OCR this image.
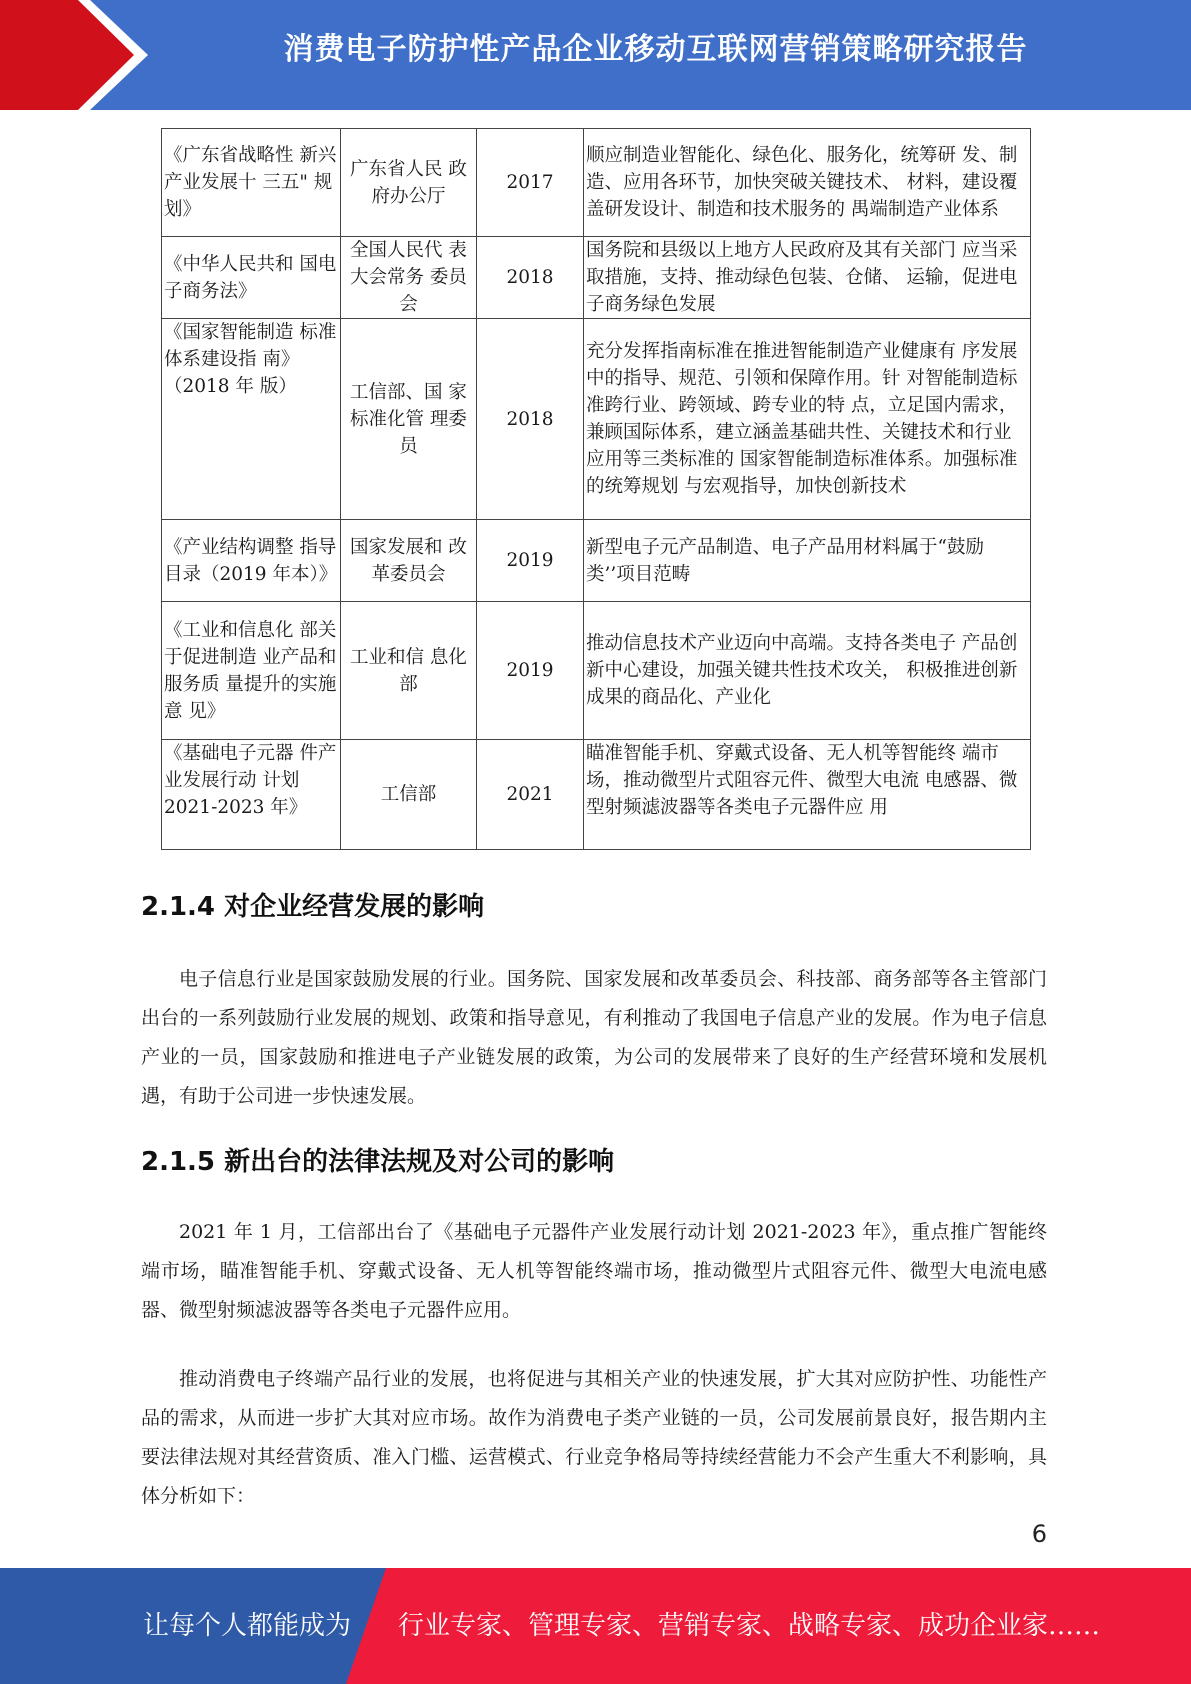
消费电子防护性产品企业移动互联网营销策略研究报告
《广东省战略性 新兴产业发展十 三五" 规划》	广东省人民 政府办公厅	2017	顺应制造业智能化、绿色化、服务化，统筹研 发、制造、应用各环节，加快突破关键技术、 材料，建设覆盖研发设计、制造和技术服务的 禺端制造产业体系
《中华人民共和 国电子商务法》	全国人民代 表大会常务 委员会	2018	国务院和县级以上地方人民政府及其有关部门 应当采取措施，支持、推动绿色包装、仓储、 运输，促进电子商务绿色发展
《国家智能制造 标准体系建设指 南》（2018 年 版）	工信部、国 家标准化管 理委员	2018	充分发挥指南标准在推进智能制造产业健康有 序发展中的指导、规范、引领和保障作用。针 对智能制造标准跨行业、跨领域、跨专业的特 点，立足国内需求，兼顾国际体系，建立涵盖基础共性、关键技术和行业应用等三类标准的 国家智能制造标准体系。加强标准的统筹规划 与宏观指导，加快创新技术
《产业结构调整 指导目录（2019 年本）》	国家发展和 改革委员会	2019	新型电子元产品制造、电子产品用材料属于“鼓励类’’项目范畴
《工业和信息化 部关于促进制造 业产品和服务质 量提升的实施意 见》	工业和信 息化部	2019	推动信息技术产业迈向中高端。支持各类电子 产品创新中心建设，加强关键共性技术攻关， 积极推进创新成果的商品化、产业化
《基础电子元器 件产业发展行动 计划 2021-2023 年》	工信部	2021	瞄准智能手机、穿戴式设备、无人机等智能终 端市场，推动微型片式阻容元件、微型大电流 电感器、微型射频滤波器等各类电子元器件应 用
2.1.4 对企业经营发展的影响

电子信息行业是国家鼓励发展的行业。国务院、国家发展和改革委员会、科技部、商务部等各主管部门出台的一系列鼓励行业发展的规划、政策和指导意见，有利推动了我国电子信息产业的发展。作为电子信息产业的一员，国家鼓励和推进电子产业链发展的政策，为公司的发展带来了良好的生产经营环境和发展机遇，有助于公司进一步快速发展。

2.1.5 新出台的法律法规及对公司的影响

2021 年 1 月，工信部出台了《基础电子元器件产业发展行动计划 2021-2023 年》，重点推广智能终端市场，瞄准智能手机、穿戴式设备、无人机等智能终端市场，推动微型片式阻容元件、微型大电流电感器、微型射频滤波器等各类电子元器件应用。

推动消费电子终端产品行业的发展，也将促进与其相关产业的快速发展，扩大其对应防护性、功能性产品的需求，从而进一步扩大其对应市场。故作为消费电子类产业链的一员，公司发展前景良好，报告期内主要法律法规对其经营资质、准入门槛、运营模式、行业竞争格局等持续经营能力不会产生重大不利影响，具体分析如下：

6
让每个人都能成为 行业专家、管理专家、营销专家、战略专家、成功企业家……
